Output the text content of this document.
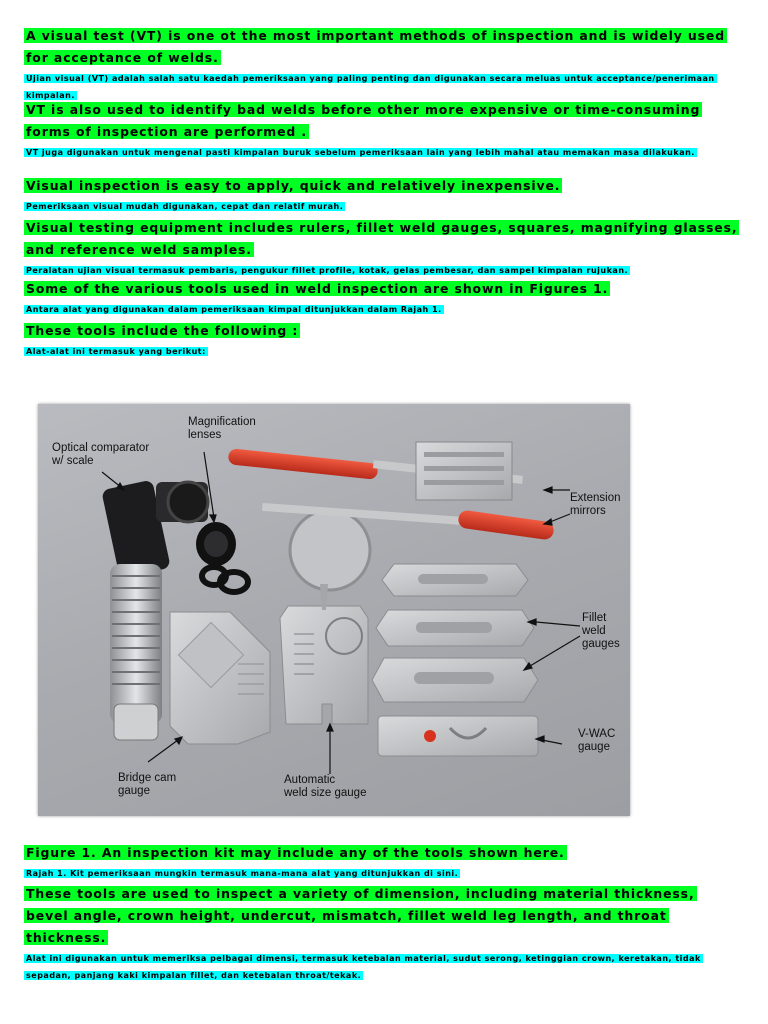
A visual test (VT) is one ot the most important methods of inspection and is widely used for acceptance of welds.
Ujian visual (VT) adalah salah satu kaedah pemeriksaan yang paling penting dan digunakan secara meluas untuk acceptance/penerimaan kimpalan.
VT is also used to identify bad welds before other more expensive or time-consuming forms of inspection are performed .
VT juga digunakan untuk mengenal pasti kimpalan buruk sebelum pemeriksaan lain yang lebih mahal atau memakan masa dilakukan.
Visual inspection is easy to apply, quick and relatively inexpensive.
Pemeriksaan visual mudah digunakan, cepat dan relatif murah.
Visual testing equipment includes rulers, fillet weld gauges, squares, magnifying glasses, and reference weld samples.
Peralatan ujian visual termasuk pembaris, pengukur fillet profile, kotak, gelas pembesar, dan sampel kimpalan rujukan.
Some of the various tools used in weld inspection are shown in Figures 1.
Antara alat yang digunakan dalam pemeriksaan kimpal ditunjukkan dalam Rajah 1.
These tools include the following :
Alat-alat ini termasuk yang berikut:
Optical comparator
w/ scale
Magnification
lenses
Extension
mirrors
Fillet
weld
gauges
V-WAC
gauge
Bridge cam
gauge
Automatic
weld size gauge
Figure 1. An inspection kit may include any of the tools shown here.
Rajah 1. Kit pemeriksaan mungkin termasuk mana-mana alat yang ditunjukkan di sini.
These tools are used to inspect a variety of dimension, including material thickness, bevel angle, crown height, undercut, mismatch, fillet weld leg length, and throat thickness.
Alat ini digunakan untuk memeriksa pelbagai dimensi, termasuk ketebalan material, sudut serong, ketinggian crown, keretakan, tidak sepadan, panjang kaki kimpalan fillet, dan ketebalan throat/tekak.
